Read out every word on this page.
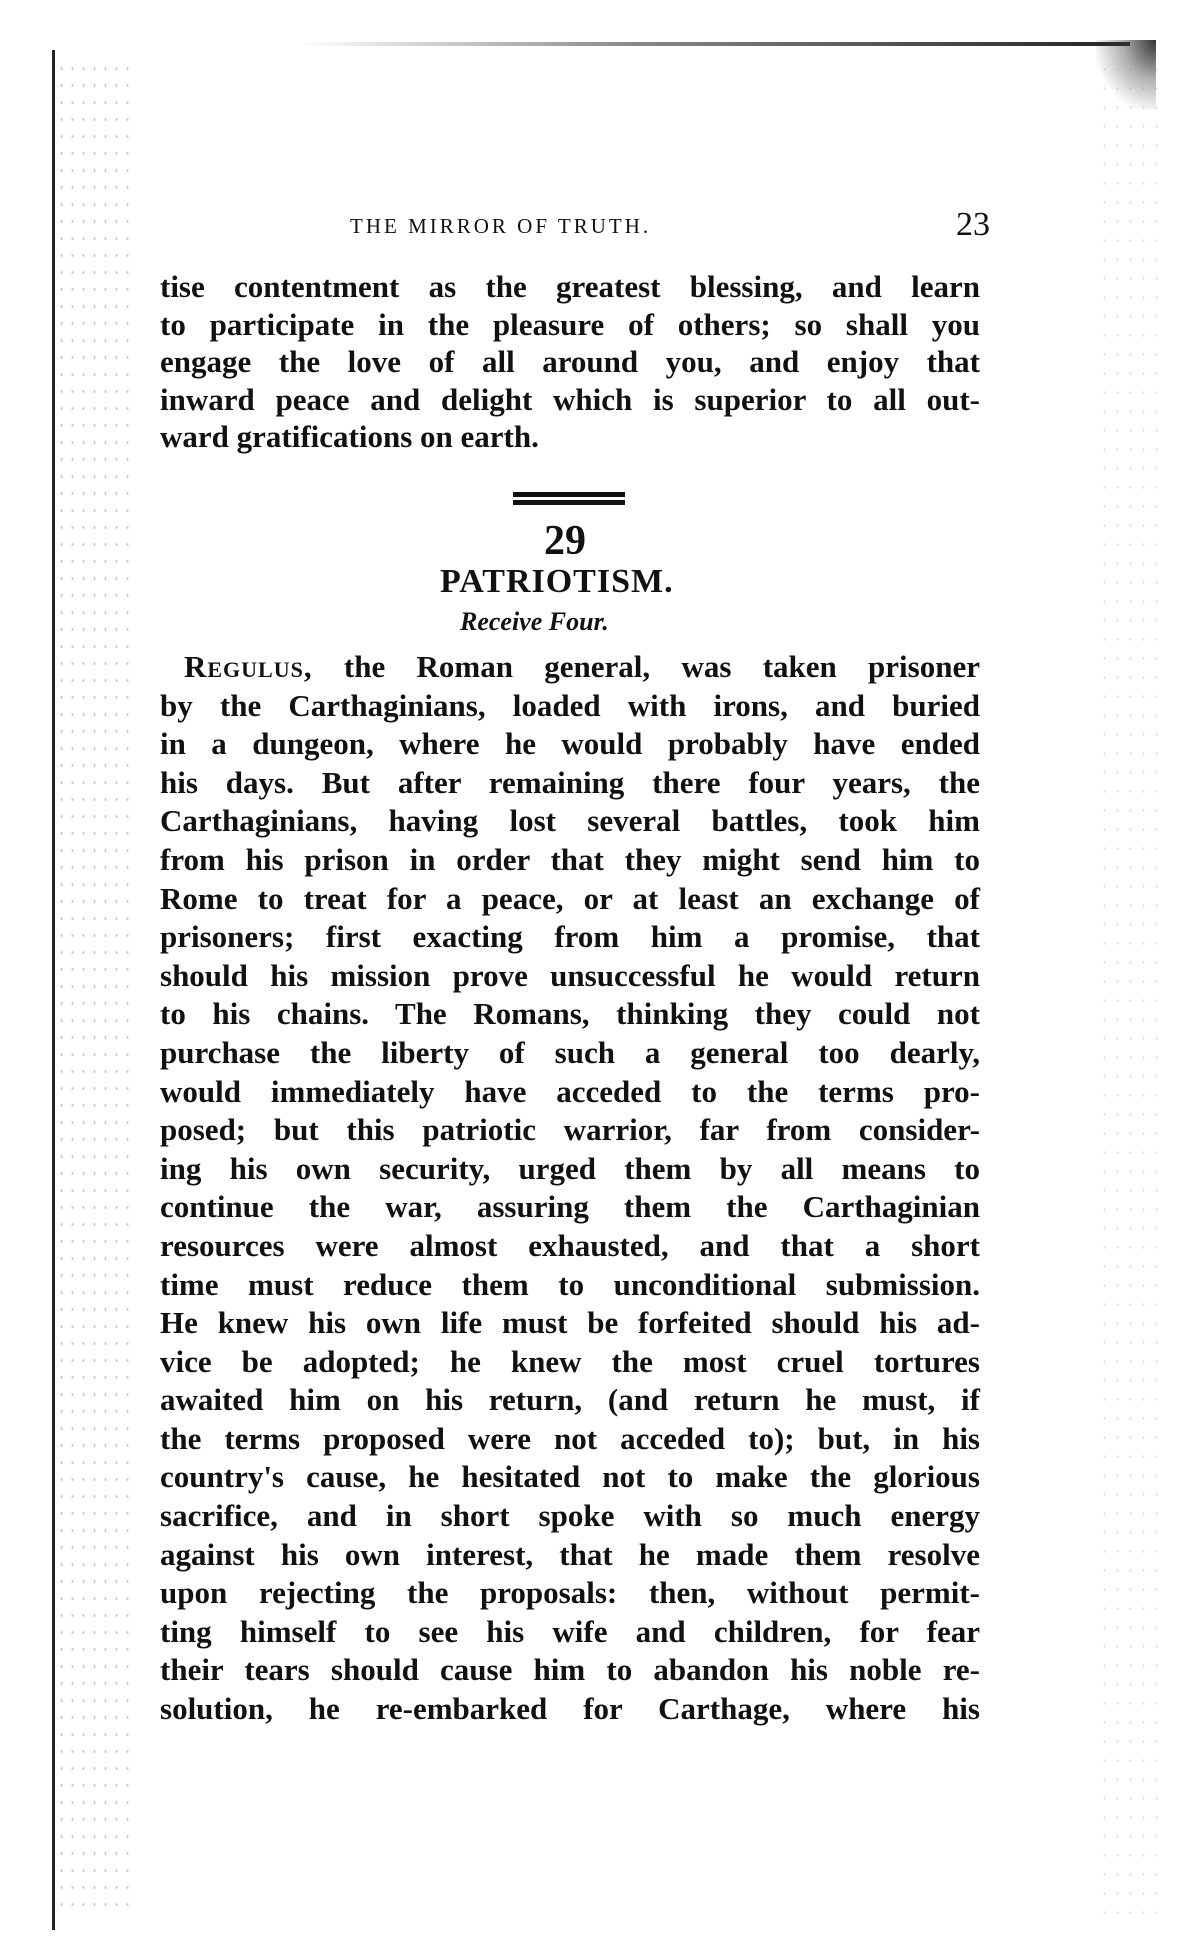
THE MIRROR OF TRUTH.	23
tise contentment as the greatest blessing, and learn
to participate in the pleasure of others; so shall you
engage the love of all around you, and enjoy that
inward peace and delight which is superior to all out-
ward gratifications on earth.
29
PATRIOTISM.
Receive Four.
Regulus, the Roman general, was taken prisoner
by the Carthaginians, loaded with irons, and buried
in a dungeon, where he would probably have ended
his days. But after remaining there four years, the
Carthaginians, having lost several battles, took him
from his prison in order that they might send him to
Rome to treat for a peace, or at least an exchange of
prisoners; first exacting from him a promise, that
should his mission prove unsuccessful he would return
to his chains. The Romans, thinking they could not
purchase the liberty of such a general too dearly,
would immediately have acceded to the terms pro-
posed; but this patriotic warrior, far from consider-
ing his own security, urged them by all means to
continue the war, assuring them the Carthaginian
resources were almost exhausted, and that a short
time must reduce them to unconditional submission.
He knew his own life must be forfeited should his ad-
vice be adopted; he knew the most cruel tortures
awaited him on his return, (and return he must, if
the terms proposed were not acceded to); but, in his
country's cause, he hesitated not to make the glorious
sacrifice, and in short spoke with so much energy
against his own interest, that he made them resolve
upon rejecting the proposals: then, without permit-
ting himself to see his wife and children, for fear
their tears should cause him to abandon his noble re-
solution, he re-embarked for Carthage, where his
